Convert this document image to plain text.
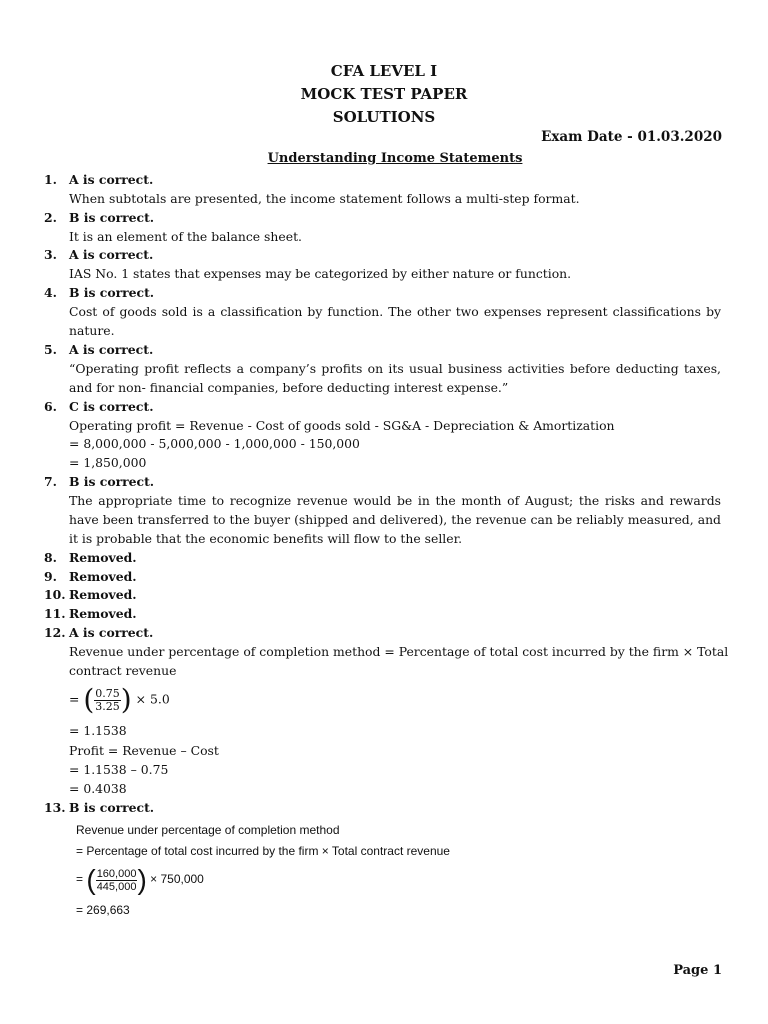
CFA LEVEL I
MOCK TEST PAPER
SOLUTIONS
Exam Date - 01.03.2020
Understanding Income Statements
1. A is correct.
When subtotals are presented, the income statement follows a multi-step format.
2. B is correct.
It is an element of the balance sheet.
3. A is correct.
IAS No. 1 states that expenses may be categorized by either nature or function.
4. B is correct.
Cost of goods sold is a classification by function. The other two expenses represent classifications by
nature.
5. A is correct.
“Operating profit reflects a company’s profits on its usual business activities before deducting taxes,
and for non- financial companies, before deducting interest expense.”
6. C is correct.
Operating profit = Revenue - Cost of goods sold - SG&A - Depreciation & Amortization
= 8,000,000 - 5,000,000 - 1,000,000 - 150,000
= 1,850,000
7. B is correct.
The appropriate time to recognize revenue would be in the month of August; the risks and rewards
have been transferred to the buyer (shipped and delivered), the revenue can be reliably measured, and
it is probable that the economic benefits will flow to the seller.
8. Removed.
9. Removed.
10. Removed.
11. Removed.
12. A is correct.
Revenue under percentage of completion method = Percentage of total cost incurred by the firm × Total
contract revenue
= ( $\frac{0.75}{3.25}$ ) × 5.0
= 1.1538
Profit = Revenue – Cost
= 1.1538 – 0.75
= 0.4038
13. B is correct.
Revenue under percentage of completion method
= Percentage of total cost incurred by the firm × Total contract revenue
= ( $\frac{160,000}{445,000}$ ) × 750,000
= 269,663
Page 1
